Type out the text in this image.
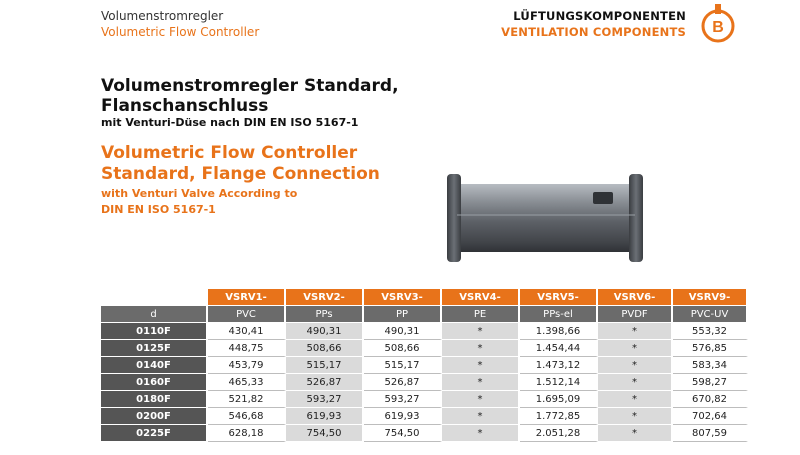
Volumenstromregler
Volumetric Flow Controller
LÜFTUNGSKOMPONENTEN
VENTILATION COMPONENTS B
Volumenstromregler Standard,
Flanschanschluss
mit Venturi-Düse nach DIN EN ISO 5167-1
Volumetric Flow Controller
Standard, Flange Connection
with Venturi Valve According to
DIN EN ISO 5167-1
	VSRV1-	VSRV2-	VSRV3-	VSRV4-	VSRV5-	VSRV6-	VSRV9-
d	PVC	PPs	PP	PE	PPs-el	PVDF	PVC-UV
0110F	430,41	490,31	490,31	*	1.398,66	*	553,32
0125F	448,75	508,66	508,66	*	1.454,44	*	576,85
0140F	453,79	515,17	515,17	*	1.473,12	*	583,34
0160F	465,33	526,87	526,87	*	1.512,14	*	598,27
0180F	521,82	593,27	593,27	*	1.695,09	*	670,82
0200F	546,68	619,93	619,93	*	1.772,85	*	702,64
0225F	628,18	754,50	754,50	*	2.051,28	*	807,59
